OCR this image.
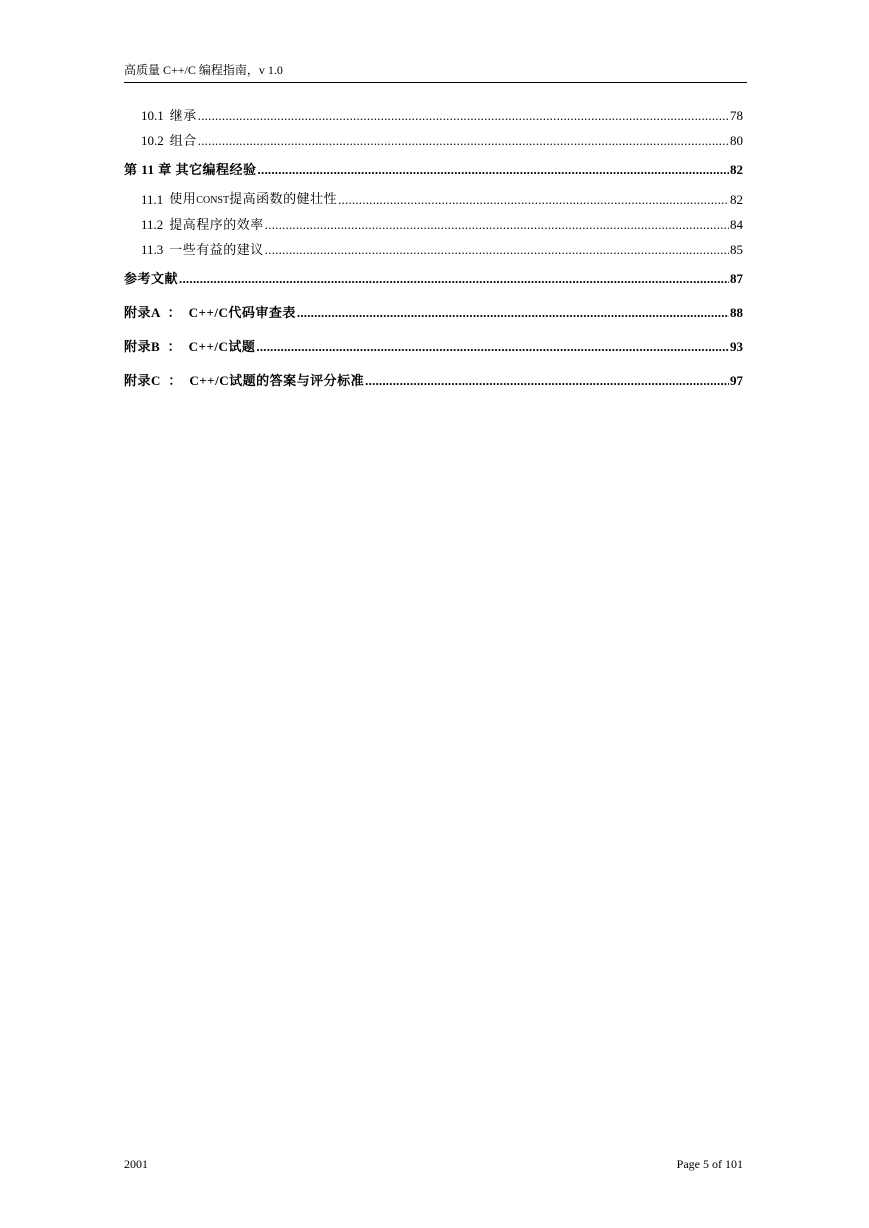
高质量 C++/C 编程指南，v 1.0
10.1 继承 .....	78
10.2 组合 .....	80
第 11 章 其它编程经验 .....	82
11.1 使用CONST提高函数的健壮性 .....	82
11.2 提高程序的效率 .....	84
11.3 一些有益的建议 .....	85
参考文献 .....	87
附录A  ：  C++/C代码审查表 .....	88
附录B  ：  C++/C试题 .....	93
附录C  ：  C++/C试题的答案与评分标准 .....	97
2001	Page 5 of 101
